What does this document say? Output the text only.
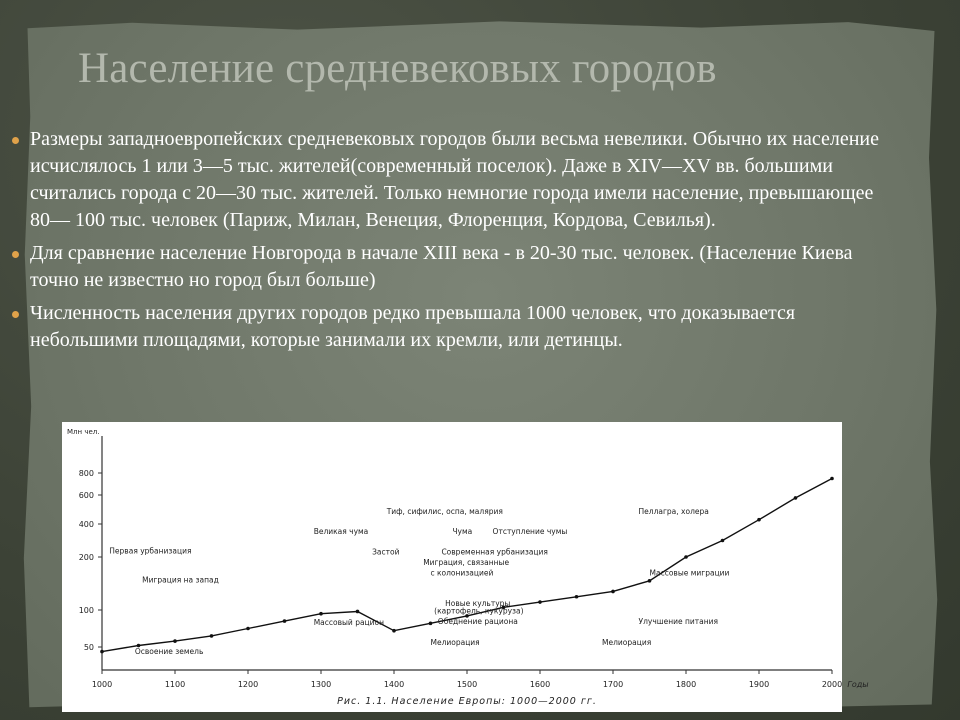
Население средневековых городов
Размеры западноевропейских средневековых городов были весьма невелики. Обычно их население исчислялось 1 или 3—5 тыс. жителей(современный поселок). Даже в XIV—XV вв. большими считались города с 20—30 тыс. жителей. Только немногие города имели население, превышающее 80— 100 тыс. человек (Париж, Милан, Венеция, Флоренция, Кордова, Севилья).
Для сравнение население Новгорода в начале XIII века - в 20-30 тыс. человек. (Население Киева точно не известно но город был больше)
Численность населения других городов редко превышала 1000 человек, что доказывается небольшими площадями, которые занимали их кремли, или детинцы.
Млн чел.
50
100
200
400
600
800
1000	1100	1200	1300	1400	1500	1600	1700	1800	1900	2000 Годы
Первая урбанизация
Миграция на запад
Освоение земель
Великая чума
Застой
Массовый рацион
Тиф, сифилис, оспа, малярия
Чума	Отступление чумы
Современная урбанизация
Миграция, связанные
с колонизацией
Новые культуры
(картофель, кукуруза)
Обеднение рациона
Мелиорация	Мелиорация
Массовые миграции
Пеллагра, холера
Улучшение питания
Рис. 1.1. Население Европы: 1000—2000 гг.
